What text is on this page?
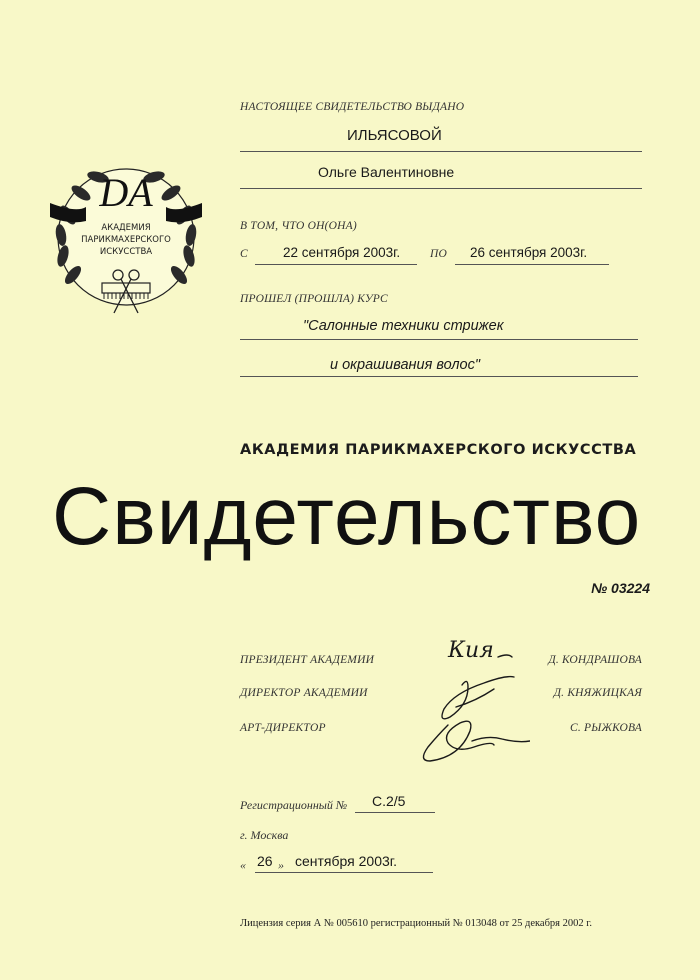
DA
АКАДЕМИЯ
ПАРИКМАХЕРСКОГО
ИСКУССТВА
НАСТОЯЩЕЕ СВИДЕТЕЛЬСТВО ВЫДАНО
ИЛЬЯСОВОЙ
Ольге Валентиновне
В ТОМ, ЧТО ОН(ОНА)
С	22 сентября 2003г.	ПО 26 сентября 2003г.
ПРОШЕЛ (ПРОШЛА) КУРС
"Салонные техники стрижек
и окрашивания волос"
АКАДЕМИЯ ПАРИКМАХЕРСКОГО ИСКУССТВА
Свидетельство
№ 03224
ПРЕЗИДЕНТ АКАДЕМИИ	Д. КОНДРАШОВА
ДИРЕКТОР АКАДЕМИИ	Д. КНЯЖИЦКАЯ
АРТ-ДИРЕКТОР	С. РЫЖКОВА
Кия
Регистрационный № С.2/5
г. Москва
« 26 » сентября 2003г.
Лицензия серия А № 005610 регистрационный № 013048 от 25 декабря 2002 г.
